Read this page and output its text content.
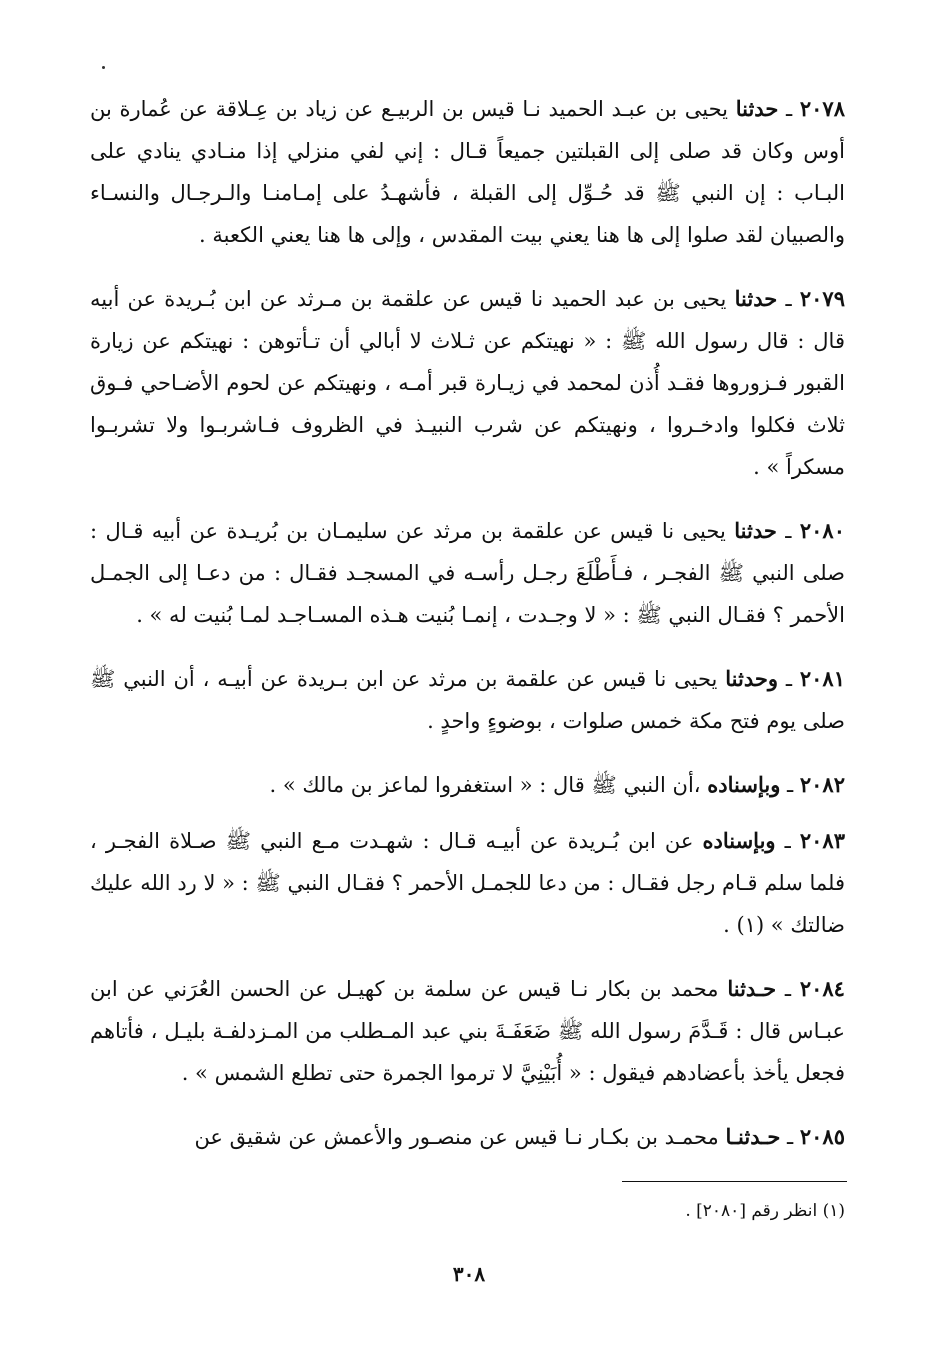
٢٠٧٨ ـ حدثنا يحيى بن عبـد الحميد نـا قيس بن الربيـع عن زياد بن عِـلاقة عن عُمارة بن أوس وكان قد صلى إلى القبلتين جميعاً قـال : إني لفي منزلي إذا منـادي ينادي على البـاب : إن النبي ﷺ قد حُـوِّل إلى القبلة ، فأشهـدُ على إمـامنـا والـرجـال والنسـاء والصبيان لقد صلوا إلى ها هنا يعني بيت المقدس ، وإلى ها هنا يعني الكعبة .

٢٠٧٩ ـ حدثنا يحيى بن عبد الحميد نا قيس عن علقمة بن مـرثد عن ابن بُـريدة عن أبيه قال : قال رسول الله ﷺ : « نهيتكم عن ثـلاث لا أبالي أن تـأتوهن : نهيتكم عن زيارة القبور فـزوروها فقـد أُذن لمحمد في زيـارة قبر أمـه ، ونهيتكم عن لحوم الأضـاحي فـوق ثلاث فكلوا وادخـروا ، ونهيتكم عن شرب النبيـذ في الظروف فـاشربـوا ولا تشربـوا مسكراً » .

٢٠٨٠ ـ حدثنا يحيى نا قيس عن علقمة بن مرثد عن سليمـان بن بُريـدة عن أبيه قـال : صلى النبي ﷺ الفجـر ، فـأَطْلَعَ رجـل رأسـه في المسجـد فقـال : من دعـا إلى الجمـل الأحمر ؟ فقـال النبي ﷺ : « لا وجـدت ، إنمـا بُنيت هـذه المسـاجـد لمـا بُنيت له » .

٢٠٨١ ـ وحدثنا يحيى نا قيس عن علقمة بن مرثد عن ابن بـريدة عن أبيـه ، أن النبي ﷺ صلى يوم فتح مكة خمس صلوات ، بوضوءٍ واحدٍ .

٢٠٨٢ ـ وبإسناده ،أن النبي ﷺ قال : « استغفروا لماعز بن مالك » .

٢٠٨٣ ـ وبإسناده عن ابن بُـريدة عن أبيـه قـال : شهـدت مـع النبي ﷺ صـلاة الفجـر ، فلما سلم قـام رجل فقـال : من دعا للجمـل الأحمر ؟ فقـال النبي ﷺ : « لا رد الله عليك ضالتك » (١) .

٢٠٨٤ ـ حـدثنا محمد بن بكار نـا قيس عن سلمة بن كهيـل عن الحسن العُرَني عن ابن عبـاس قال : قَـدَّمَ رسول الله ﷺ ضَعَفَـةَ بني عبد المـطلب من المـزدلفـة بليـل ، فأتاهم فجعل يأخذ بأعضادهم فيقول : « أُبَيْنِيَّ لا ترموا الجمرة حتى تطلع الشمس » .

٢٠٨٥ ـ حـدثنـا محمـد بن بكـار نـا قيس عن منصـور والأعمش عن شقيق عن

(١) انظر رقم [٢٠٨٠] .
٣٠٨
